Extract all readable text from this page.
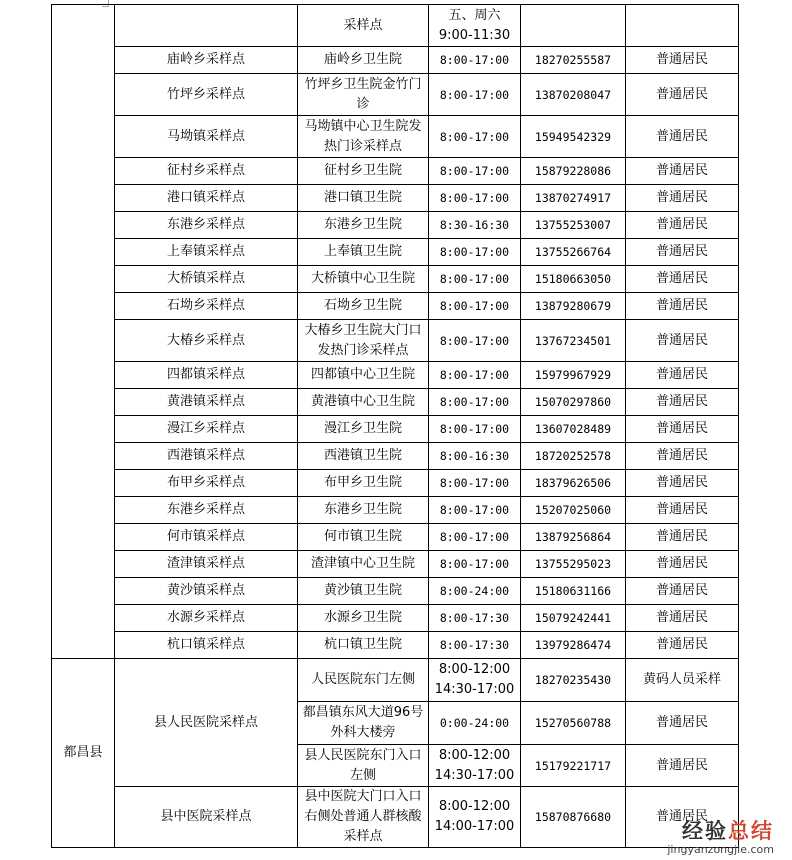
		采样点	五、周六
9:00-11:30		

	庙岭乡采样点	庙岭乡卫生院	8:00-17:00	18270255587	普通居民
	竹坪乡采样点	竹坪乡卫生院金竹门诊	8:00-17:00	13870208047	普通居民
	马坳镇采样点	马坳镇中心卫生院发热门诊采样点	8:00-17:00	15949542329	普通居民
	征村乡采样点	征村乡卫生院	8:00-17:00	15879228086	普通居民
	港口镇采样点	港口镇卫生院	8:00-17:00	13870274917	普通居民
	东港乡采样点	东港乡卫生院	8:30-16:30	13755253007	普通居民
	上奉镇采样点	上奉镇卫生院	8:00-17:00	13755266764	普通居民
	大桥镇采样点	大桥镇中心卫生院	8:00-17:00	15180663050	普通居民
	石坳乡采样点	石坳乡卫生院	8:00-17:00	13879280679	普通居民
	大椿乡采样点	大椿乡卫生院大门口发热门诊采样点	8:00-17:00	13767234501	普通居民
	四都镇采样点	四都镇中心卫生院	8:00-17:00	15979967929	普通居民
	黄港镇采样点	黄港镇中心卫生院	8:00-17:00	15070297860	普通居民
	漫江乡采样点	漫江乡卫生院	8:00-17:00	13607028489	普通居民
	西港镇采样点	西港镇卫生院	8:00-16:30	18720252578	普通居民
	布甲乡采样点	布甲乡卫生院	8:00-17:00	18379626506	普通居民
	东港乡采样点	东港乡卫生院	8:00-17:00	15207025060	普通居民
	何市镇采样点	何市镇卫生院	8:00-17:00	13879256864	普通居民
	渣津镇采样点	渣津镇中心卫生院	8:00-17:00	13755295023	普通居民
	黄沙镇采样点	黄沙镇卫生院	8:00-24:00	15180631166	普通居民
	水源乡采样点	水源乡卫生院	8:00-17:30	15079242441	普通居民
	杭口镇采样点	杭口镇卫生院	8:00-17:30	13979286474	普通居民
都昌县	县人民医院采样点	人民医院东门左侧	8:00-12:00
14:30-17:00	18270235430	黄码人员采样
		都昌镇东风大道96号外科大楼旁	0:00-24:00	15270560788	普通居民
		县人民医院东门入口左侧	8:00-12:00
14:30-17:00	15179221717	普通居民
	县中医院采样点	县中医院大门口入口右侧处普通人群核酸采样点	8:00-12:00
14:00-17:00	15870876680	普通居民
经验总结
jingyanzongjie.com
